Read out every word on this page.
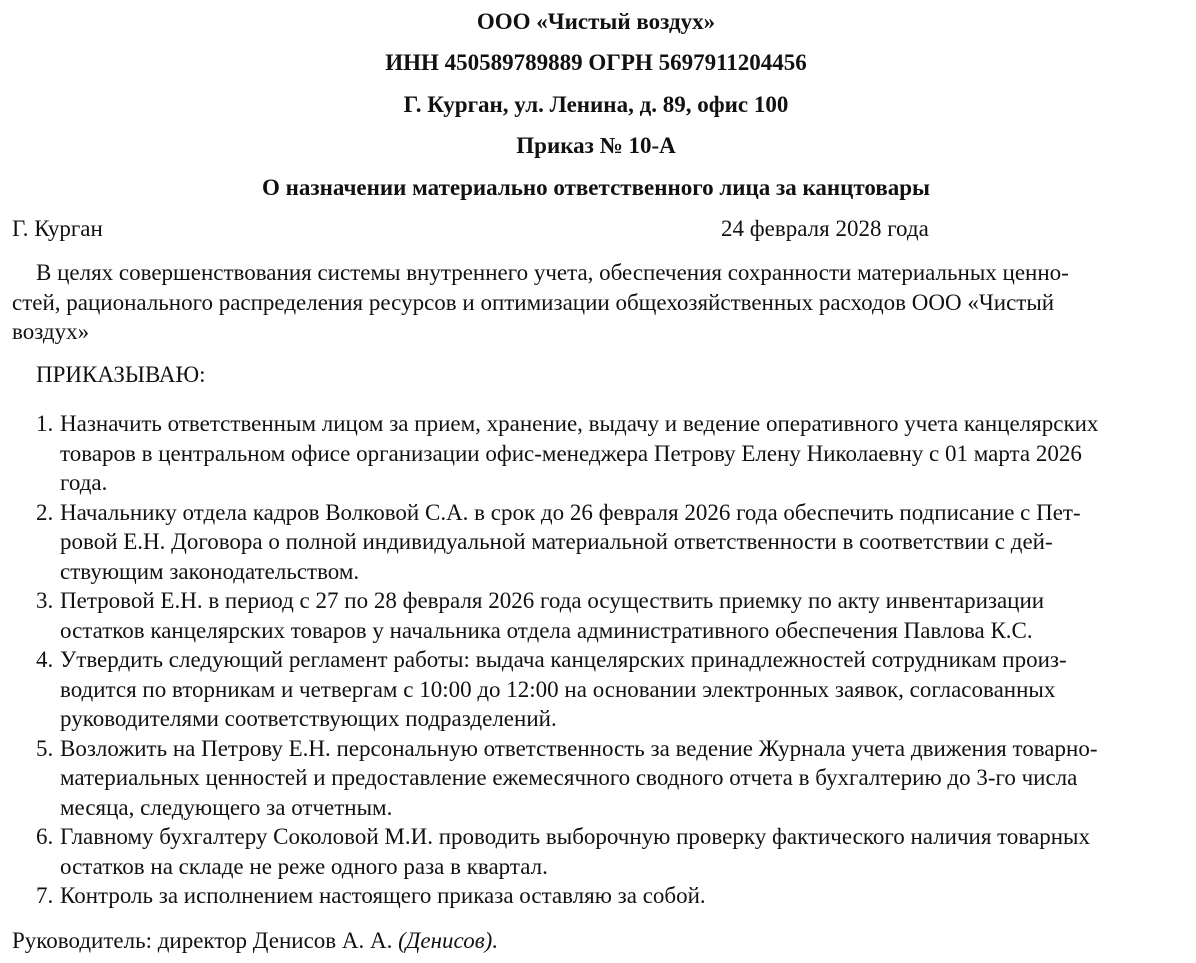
ООО «Чистый воздух»
ИНН 450589789889 ОГРН 5697911204456
Г. Курган, ул. Ленина, д. 89, офис 100
Приказ № 10-А
О назначении материально ответственного лица за канцтовары
Г. Курган	24 февраля 2028 года
В целях совершенствования системы внутреннего учета, обеспечения сохранности материальных ценно-
стей, рационального распределения ресурсов и оптимизации общехозяйственных расходов ООО «Чистый
воздух»
ПРИКАЗЫВАЮ:
1. Назначить ответственным лицом за прием, хранение, выдачу и ведение оперативного учета канцелярских
товаров в центральном офисе организации офис-менеджера Петрову Елену Николаевну с 01 марта 2026
года.
2. Начальнику отдела кадров Волковой С.А. в срок до 26 февраля 2026 года обеспечить подписание с Пет-
ровой Е.Н. Договора о полной индивидуальной материальной ответственности в соответствии с дей-
ствующим законодательством.
3. Петровой Е.Н. в период с 27 по 28 февраля 2026 года осуществить приемку по акту инвентаризации
остатков канцелярских товаров у начальника отдела административного обеспечения Павлова К.С.
4. Утвердить следующий регламент работы: выдача канцелярских принадлежностей сотрудникам произ-
водится по вторникам и четвергам с 10:00 до 12:00 на основании электронных заявок, согласованных
руководителями соответствующих подразделений.
5. Возложить на Петрову Е.Н. персональную ответственность за ведение Журнала учета движения товарно-
материальных ценностей и предоставление ежемесячного сводного отчета в бухгалтерию до 3-го числа
месяца, следующего за отчетным.
6. Главному бухгалтеру Соколовой М.И. проводить выборочную проверку фактического наличия товарных
остатков на складе не реже одного раза в квартал.
7. Контроль за исполнением настоящего приказа оставляю за собой.
Руководитель: директор Денисов А. А. (Денисов).
